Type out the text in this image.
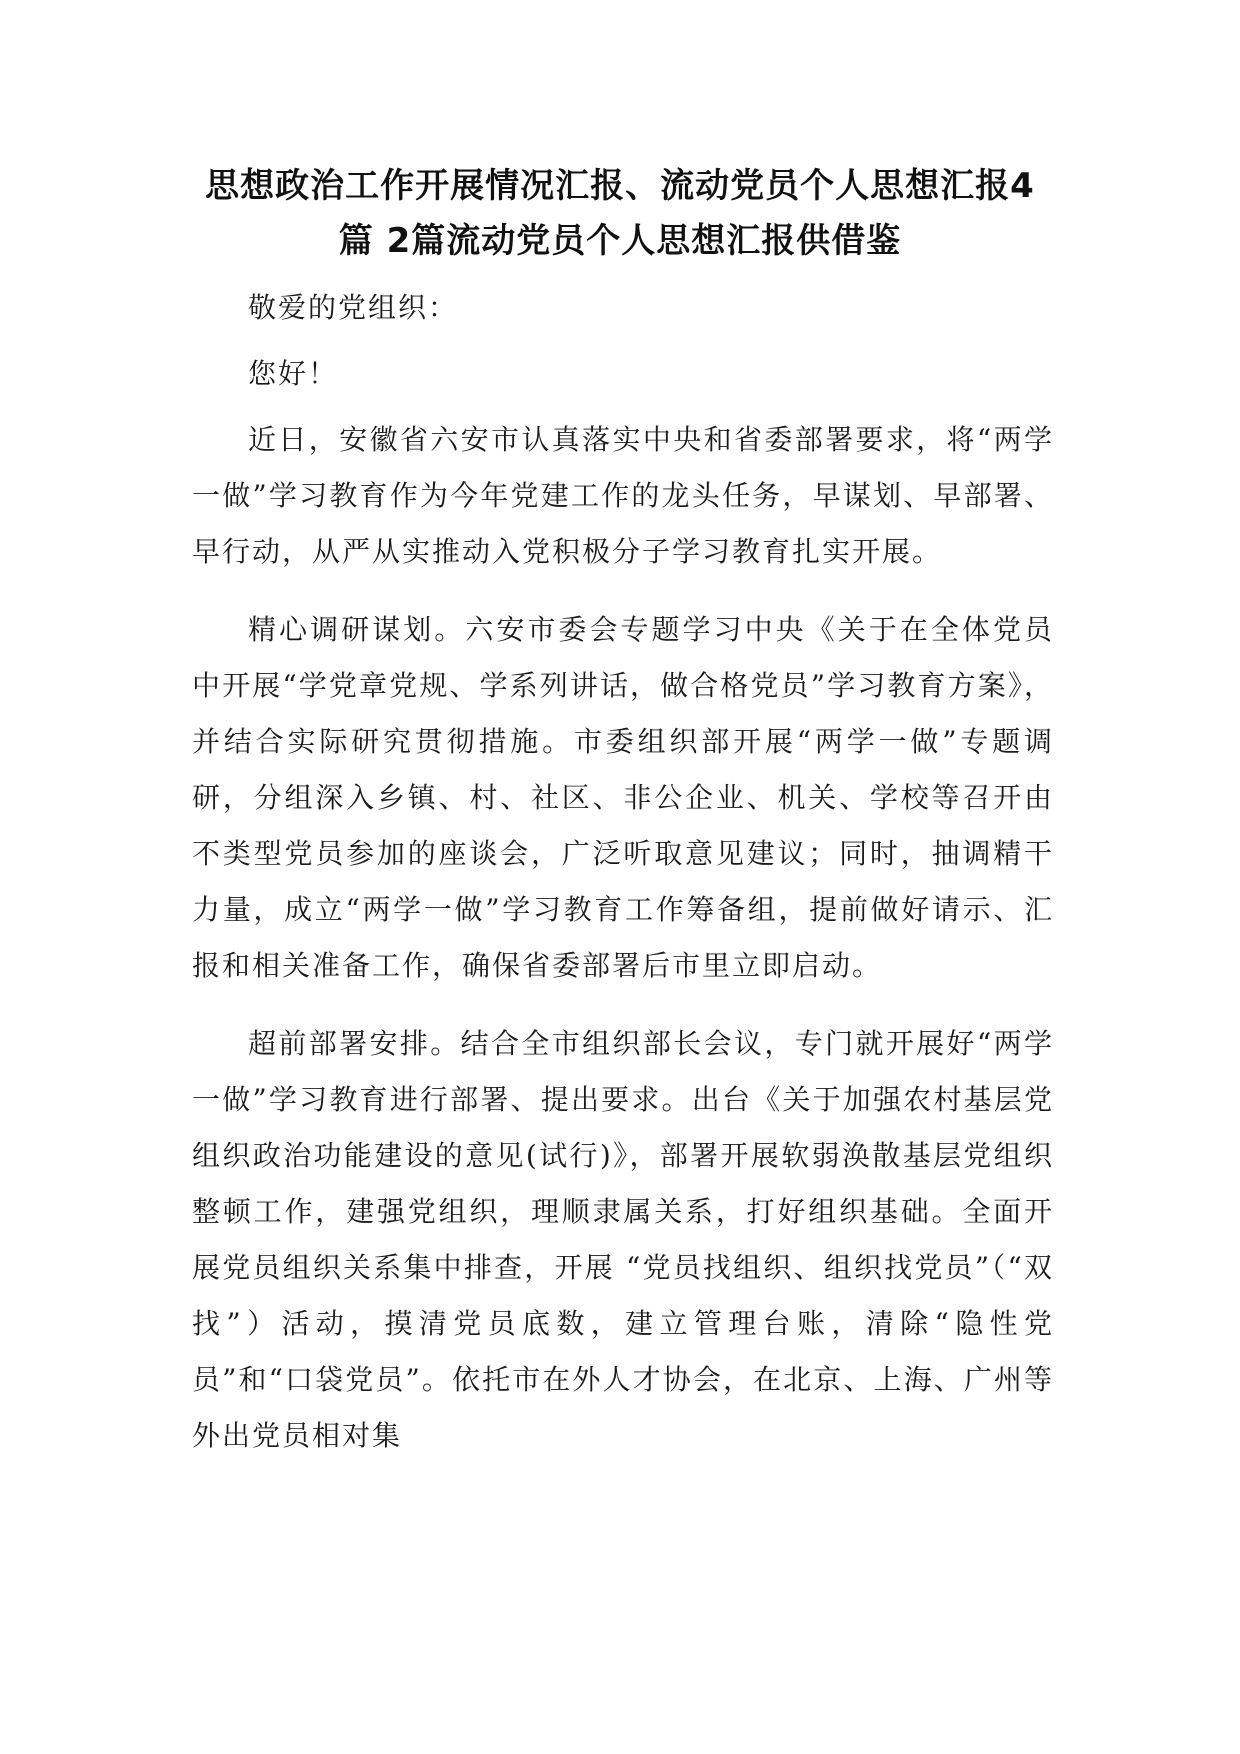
思想政治工作开展情况汇报、流动党员个人思想汇报4
篇 2篇流动党员个人思想汇报供借鉴

敬爱的党组织：

您好！

近日，安徽省六安市认真落实中央和省委部署要求，将“两学一做”学习教育作为今年党建工作的龙头任务，早谋划、早部署、早行动，从严从实推动入党积极分子学习教育扎实开展。

精心调研谋划。六安市委会专题学习中央《关于在全体党员中开展“学党章党规、学系列讲话，做合格党员”学习教育方案》，并结合实际研究贯彻措施。市委组织部开展“两学一做”专题调研，分组深入乡镇、村、社区、非公企业、机关、学校等召开由不类型党员参加的座谈会，广泛听取意见建议；同时，抽调精干力量，成立“两学一做”学习教育工作筹备组，提前做好请示、汇报和相关准备工作，确保省委部署后市里立即启动。

超前部署安排。结合全市组织部长会议，专门就开展好“两学一做”学习教育进行部署、提出要求。出台《关于加强农村基层党组织政治功能建设的意见(试行)》，部署开展软弱涣散基层党组织整顿工作，建强党组织，理顺隶属关系，打好组织基础。全面开展党员组织关系集中排查，开展 “党员找组织、组织找党员”（“双找”）活动，摸清党员底数，建立管理台账，清除“隐性党员”和“口袋党员”。依托市在外人才协会，在北京、上海、广州等外出党员相对集
